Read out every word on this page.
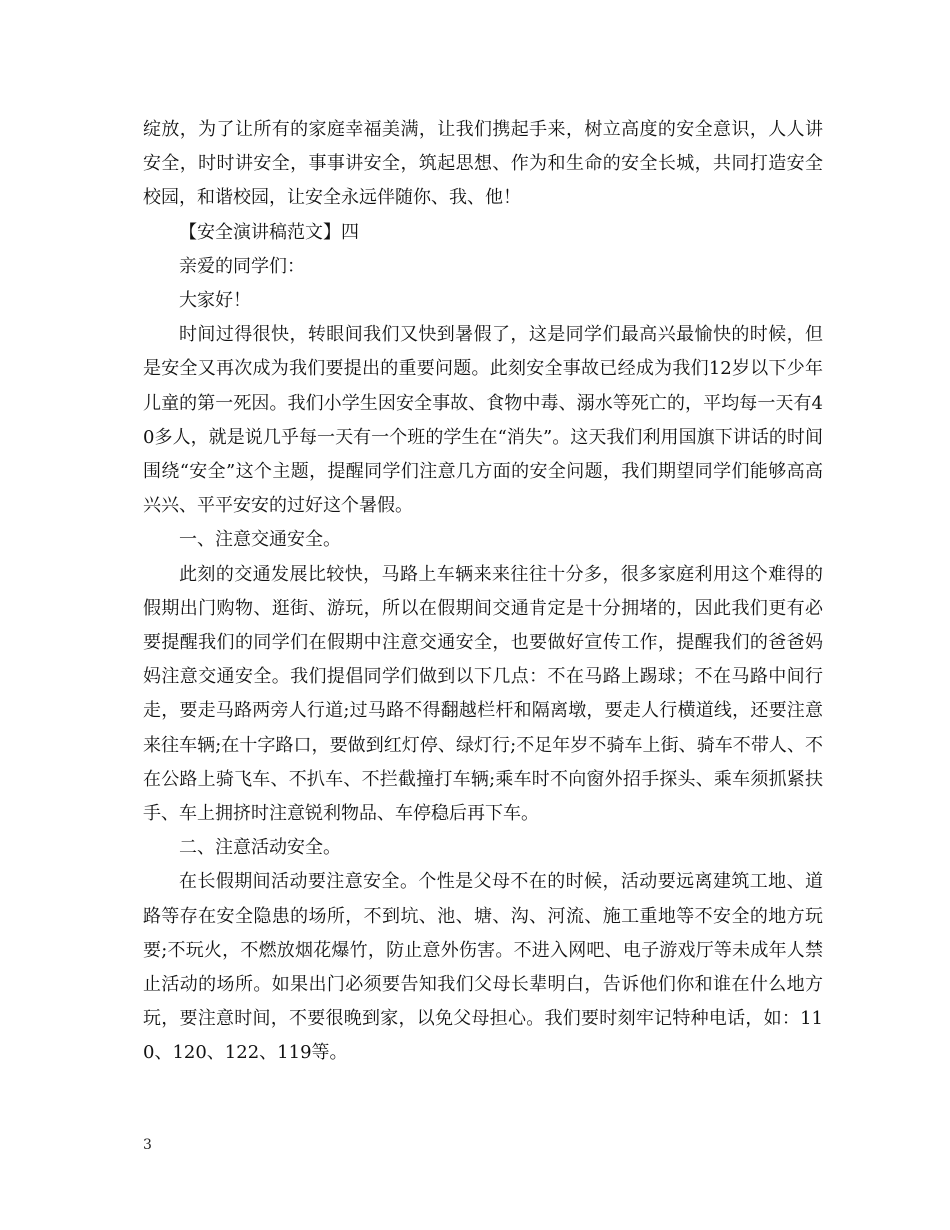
绽放，为了让所有的家庭幸福美满，让我们携起手来，树立高度的安全意识，人人讲安全，时时讲安全，事事讲安全，筑起思想、作为和生命的安全长城，共同打造安全校园，和谐校园，让安全永远伴随你、我、他！

【安全演讲稿范文】四

亲爱的同学们：

大家好！

时间过得很快，转眼间我们又快到暑假了，这是同学们最高兴最愉快的时候，但是安全又再次成为我们要提出的重要问题。此刻安全事故已经成为我们12岁以下少年儿童的第一死因。我们小学生因安全事故、食物中毒、溺水等死亡的，平均每一天有40多人，就是说几乎每一天有一个班的学生在“消失”。这天我们利用国旗下讲话的时间围绕“安全”这个主题，提醒同学们注意几方面的安全问题，我们期望同学们能够高高兴兴、平平安安的过好这个暑假。

一、注意交通安全。

此刻的交通发展比较快，马路上车辆来来往往十分多，很多家庭利用这个难得的假期出门购物、逛街、游玩，所以在假期间交通肯定是十分拥堵的，因此我们更有必要提醒我们的同学们在假期中注意交通安全，也要做好宣传工作，提醒我们的爸爸妈妈注意交通安全。我们提倡同学们做到以下几点：不在马路上踢球；不在马路中间行走，要走马路两旁人行道;过马路不得翻越栏杆和隔离墩，要走人行横道线，还要注意来往车辆;在十字路口，要做到红灯停、绿灯行;不足年岁不骑车上街、骑车不带人、不在公路上骑飞车、不扒车、不拦截撞打车辆;乘车时不向窗外招手探头、乘车须抓紧扶手、车上拥挤时注意锐利物品、车停稳后再下车。

二、注意活动安全。

在长假期间活动要注意安全。个性是父母不在的时候，活动要远离建筑工地、道路等存在安全隐患的场所，不到坑、池、塘、沟、河流、施工重地等不安全的地方玩要;不玩火，不燃放烟花爆竹，防止意外伤害。不进入网吧、电子游戏厅等未成年人禁止活动的场所。如果出门必须要告知我们父母长辈明白，告诉他们你和谁在什么地方玩，要注意时间，不要很晚到家，以免父母担心。我们要时刻牢记特种电话，如：110、120、122、119等。

3
